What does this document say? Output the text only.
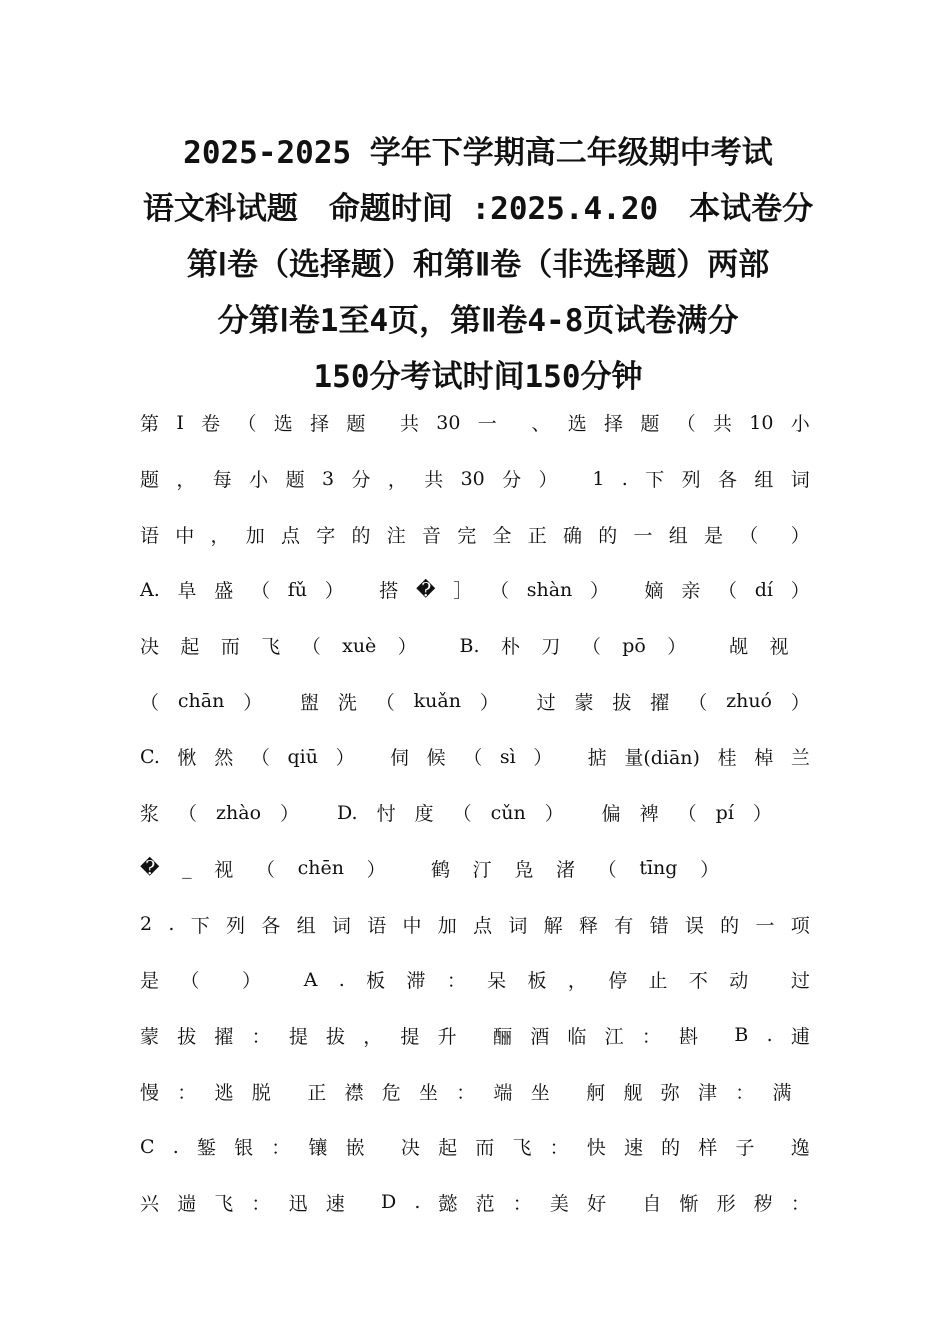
2025-2025 学年下学期高二年级期中考试
语文科试题　命题时间 :2025.4.20　本试卷分
第Ⅰ卷（选择题）和第Ⅱ卷（非选择题）两部
分第Ⅰ卷1至4页，第Ⅱ卷4-8页试卷满分
150分考试时间150分钟
第 Ⅰ 卷 （ 选 择 题 共 30 一 、 选 择 题 （ 共 10 小
题 ， 每 小 题 3 分 ， 共 30 分 ） 1 . 下 列 各 组 词
语 中 ， 加 点 字 的 注 音 完 全 正 确 的 一 组 是 （ ）
A. 阜 盛 （ fǔ ） 搭 � ］ （ shàn ） 嫡 亲 （ dí ）
决 起 而 飞 （ xuè ） B. 朴 刀 （ pō ） 觇 视
（ chān ） 盥 洗 （ kuǎn ） 过 蒙 拔 擢 （ zhuó ）
C. 愀 然 （ qiū ） 伺 候 （ sì ） 掂 量(diān) 桂 棹 兰
浆 （ zhào ） D. 忖 度 （ cǔn ） 偏 裨 （ pí ）
� _ 视 （ chēn ） 鹤 汀 凫 渚 （ tīng ）
2 . 下 列 各 组 词 语 中 加 点 词 解 释 有 错 误 的 一 项
是 （ ） A . 板 滞 ： 呆 板 ， 停 止 不 动 过
蒙 拔 擢 ： 提 拔 ， 提 升 酾 酒 临 江 ： 斟 B . 逋
慢 ： 逃 脱 正 襟 危 坐 ： 端 坐 舸 舰 弥 津 ： 满
C . 錾 银 ： 镶 嵌 决 起 而 飞 ： 快 速 的 样 子 逸
兴 遄 飞 ： 迅 速 D . 懿 范 ： 美 好 自 惭 形 秽 ：
